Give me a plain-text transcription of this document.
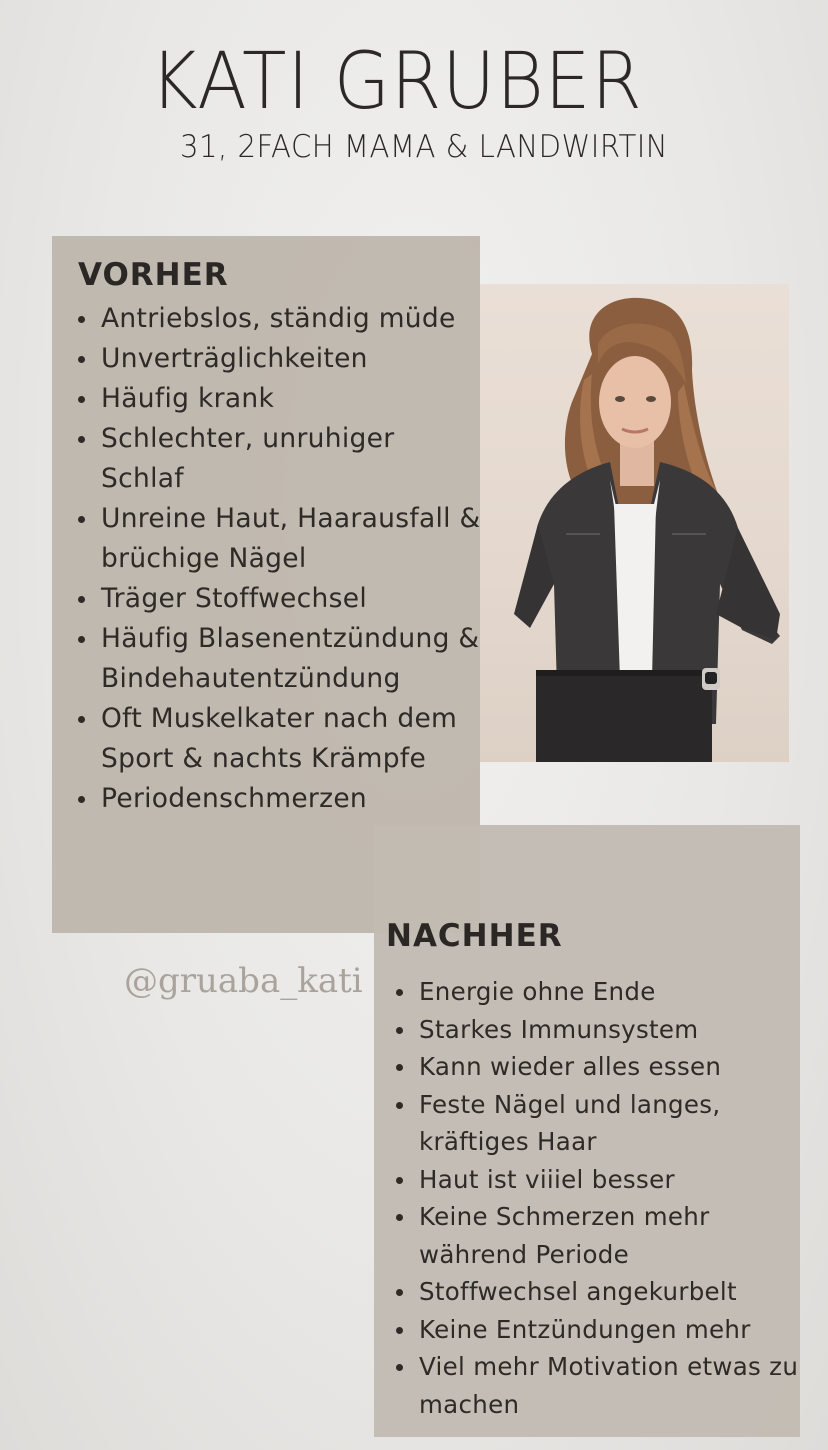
KATI GRUBER
31, 2FACH MAMA & LANDWIRTIN
VORHER
Antriebslos, ständig müde
Unverträglichkeiten
Häufig krank
Schlechter, unruhiger Schlaf
Unreine Haut, Haarausfall & brüchige Nägel
Träger Stoffwechsel
Häufig Blasenentzündung & Bindehautentzündung
Oft Muskelkater nach dem Sport & nachts Krämpfe
Periodenschmerzen
@gruaba_kati
NACHHER
Energie ohne Ende
Starkes Immunsystem
Kann wieder alles essen
Feste Nägel und langes, kräftiges Haar
Haut ist viiiel besser
Keine Schmerzen mehr während Periode
Stoffwechsel angekurbelt
Keine Entzündungen mehr
Viel mehr Motivation etwas zu machen
